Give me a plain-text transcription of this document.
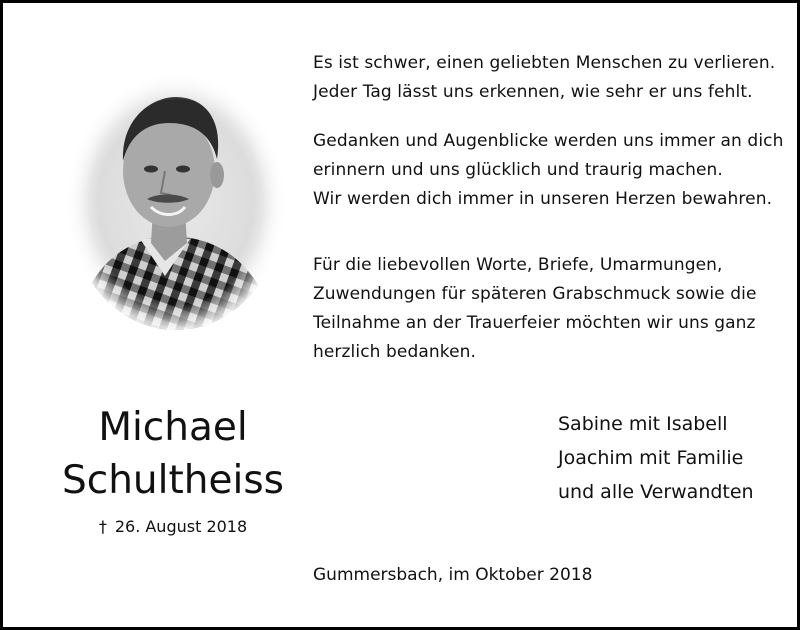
Es ist schwer, einen geliebten Menschen zu verlieren.

Jeder Tag lässt uns erkennen, wie sehr er uns fehlt.

Gedanken und Augenblicke werden uns immer an dich

erinnern und uns glücklich und traurig machen.

Wir werden dich immer in unseren Herzen bewahren.

Für die liebevollen Worte, Briefe, Umarmungen,

Zuwendungen für späteren Grabschmuck sowie die

Teilnahme an der Trauerfeier möchten wir uns ganz

herzlich bedanken.

Michael
Schultheiss
† 26. August 2018
Sabine mit Isabell
Joachim mit Familie
und alle Verwandten
Gummersbach, im Oktober 2018
